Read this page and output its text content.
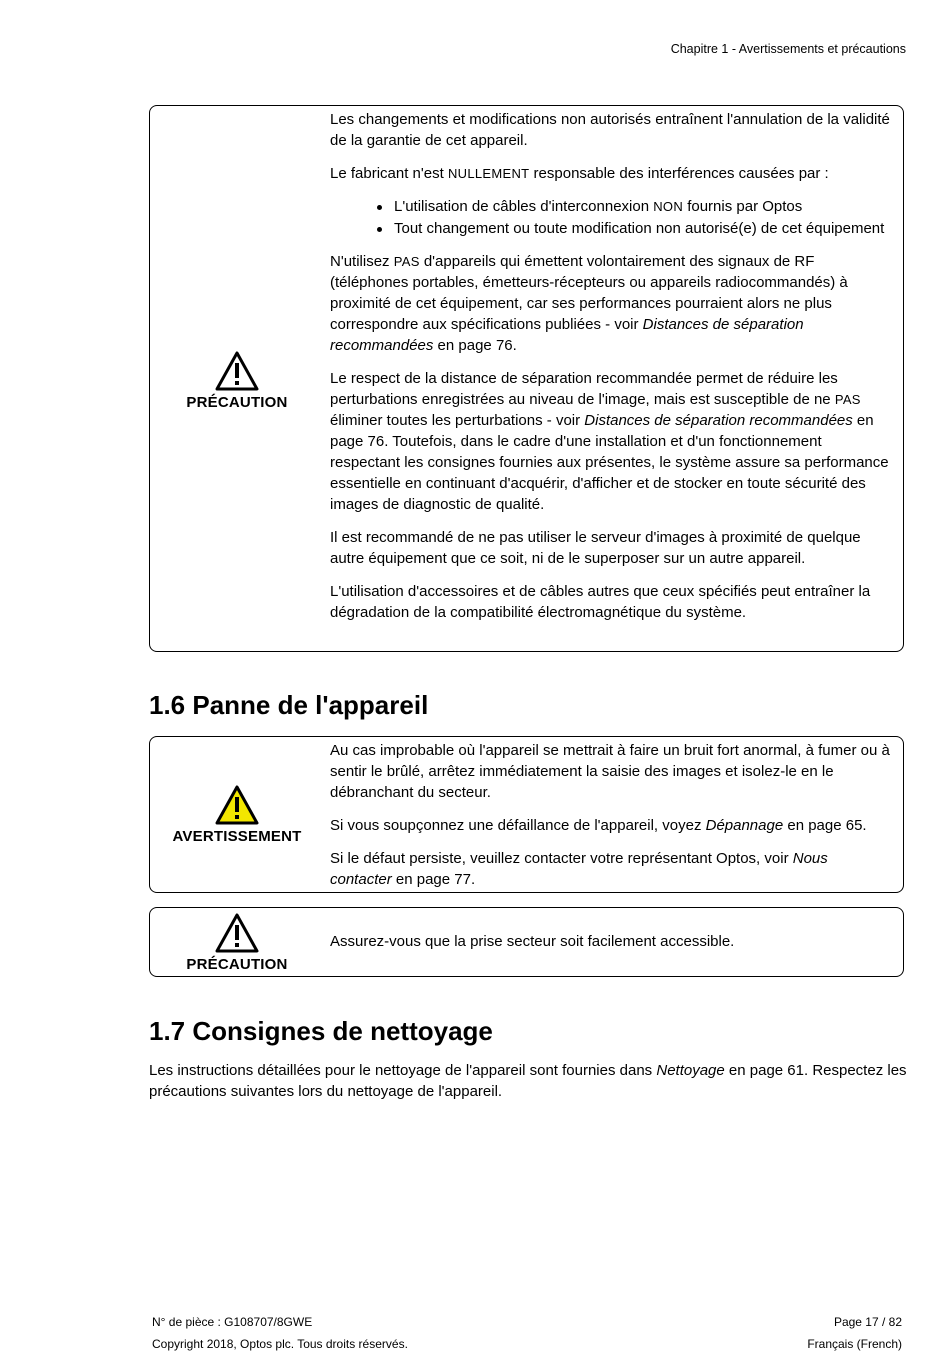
Chapitre 1 - Avertissements et précautions
PRÉCAUTION

Les changements et modifications non autorisés entraînent l'annulation de la validité de la garantie de cet appareil.

Le fabricant n'est NULLEMENT responsable des interférences causées par :

L'utilisation de câbles d'interconnexion NON fournis par Optos
Tout changement ou toute modification non autorisé(e) de cet équipement

N'utilisez PAS d'appareils qui émettent volontairement des signaux de RF (téléphones portables, émetteurs-récepteurs ou appareils radiocommandés) à proximité de cet équipement, car ses performances pourraient alors ne plus correspondre aux spécifications publiées - voir Distances de séparation recommandées en page 76.

Le respect de la distance de séparation recommandée permet de réduire les perturbations enregistrées au niveau de l'image, mais est susceptible de ne PAS éliminer toutes les perturbations - voir Distances de séparation recommandées en page 76. Toutefois, dans le cadre d'une installation et d'un fonctionnement respectant les consignes fournies aux présentes, le système assure sa performance essentielle en continuant d'acquérir, d'afficher et de stocker en toute sécurité des images de diagnostic de qualité.

Il est recommandé de ne pas utiliser le serveur d'images à proximité de quelque autre équipement que ce soit, ni de le superposer sur un autre appareil.

L'utilisation d'accessoires et de câbles autres que ceux spécifiés peut entraîner la dégradation de la compatibilité électromagnétique du système.

1.6 Panne de l'appareil
AVERTISSEMENT

Au cas improbable où l'appareil se mettrait à faire un bruit fort anormal, à fumer ou à sentir le brûlé, arrêtez immédiatement la saisie des images et isolez-le en le débranchant du secteur.

Si vous soupçonnez une défaillance de l'appareil, voyez Dépannage en page 65.

Si le défaut persiste, veuillez contacter votre représentant Optos, voir Nous contacter en page 77.

PRÉCAUTION

Assurez-vous que la prise secteur soit facilement accessible.

1.7 Consignes de nettoyage

Les instructions détaillées pour le nettoyage de l'appareil sont fournies dans Nettoyage en page 61. Respectez les précautions suivantes lors du nettoyage de l'appareil.

N° de pièce : G108707/8GWE
Copyright 2018, Optos plc. Tous droits réservés.
Page 17 / 82
Français (French)
